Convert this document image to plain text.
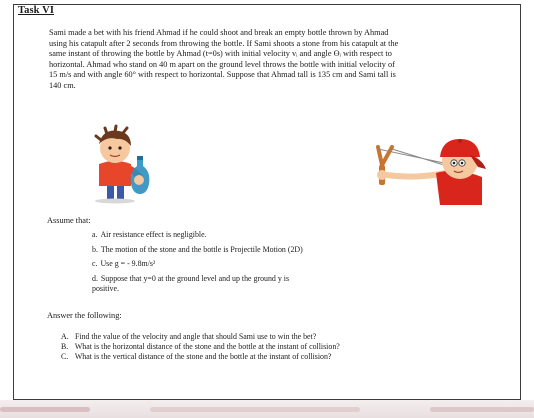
Task VI

Sami made a bet with his friend Ahmad if he could shoot and break an empty bottle thrown by Ahmad

using his catapult after 2 seconds from throwing the bottle. If Sami shoots a stone from his catapult at the

same instant of throwing the bottle by Ahmad (t=0s) with initial velocity vᵢ and angle ϴᵢ with respect to

horizontal. Ahmad who stand on 40 m apart on the ground level throws the bottle with initial velocity of

15 m/s and with angle 60° with respect to horizontal. Suppose that Ahmad tall is 135 cm and Sami tall is

140 cm.

Assume that:
a. Air resistance effect is negligible.
b. The motion of the stone and the bottle is Projectile Motion (2D)
c. Use g = - 9.8m/s²
d. Suppose that y=0 at the ground level and up the ground y is
positive.
Answer the following:
A. Find the value of the velocity and angle that should Sami use to win the bet?
B. What is the horizontal distance of the stone and the bottle at the instant of collision?
C. What is the vertical distance of the stone and the bottle at the instant of collision?
